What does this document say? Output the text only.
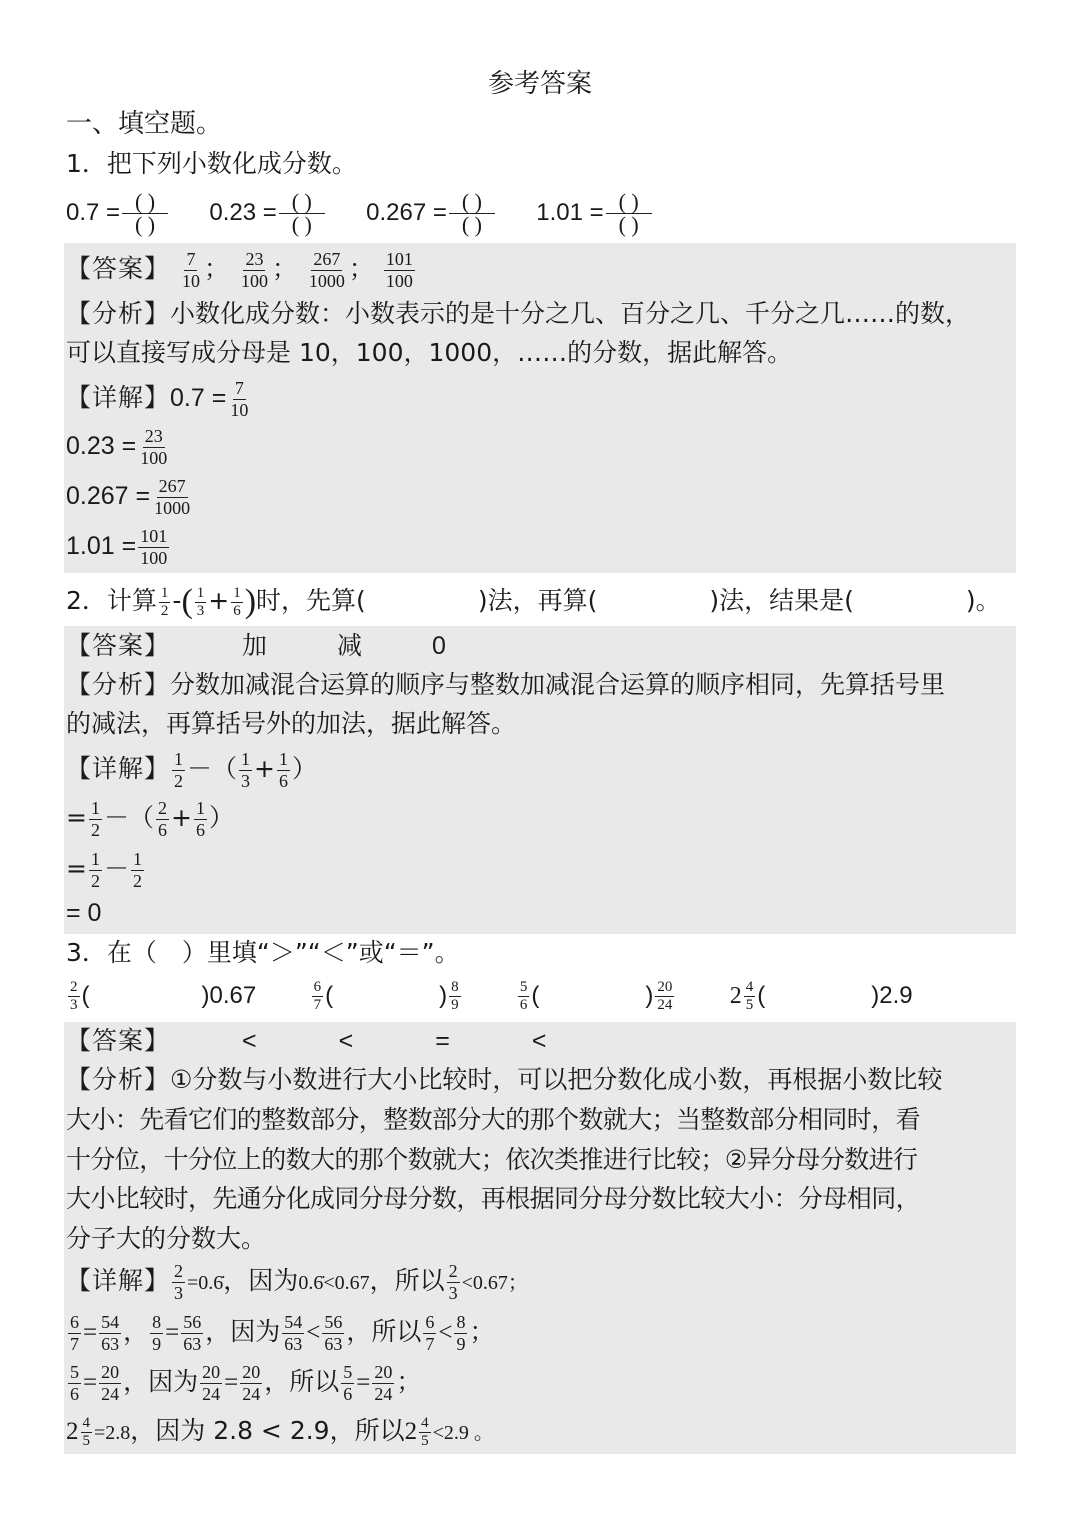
参考答案
一、填空题。
1．把下列小数化成分数。
$0.7 = \frac{( )}{( )} 0.23 = \frac{( )}{( )} 0.267 = \frac{( )}{( )} 1.01 = \frac{( )}{( )}$
【答案】 $\frac{7}{10}$ ； $\frac{23}{100}$ ； $\frac{267}{1000}$ ； $\frac{101}{100}$
【分析】小数化成分数：小数表示的是十分之几、百分之几、千分之几……的数，
可以直接写成分母是 10，100，1000，……的分数，据此解答。
【详解】$0.7 = \frac{7}{10}$
$0.23 = \frac{23}{100}$
$0.267 = \frac{267}{1000}$
$1.01 = \frac{101}{100}$
2．计算 $\frac{1}{2}$ -( $\frac{1}{3} + \frac{1}{6}$ )时，先算(	)法，再算(	)法，结果是(	)。
【答案】	加	减	0
【分析】分数加减混合运算的顺序与整数加减混合运算的顺序相同，先算括号里
的减法，再算括号外的加法，据此解答。
【详解】 $\frac{1}{2}$ －（ $\frac{1}{3} + \frac{1}{6}$ ）
= $\frac{1}{2}$ －（ $\frac{2}{6} + \frac{1}{6}$ ）
= $\frac{1}{2} - \frac{1}{2}$
= 0
3．在（　）里填“＞”“＜”或“＝”。
$\frac{2}{3}$ (	)0.67	$\frac{6}{7}$ (	) $\frac{8}{9}$
	$\frac{5}{6}$ (	) $\frac{20}{24} 2 \frac{4}{5}$ (	)2.9
【答案】	<	<	=	<
【分析】①分数与小数进行大小比较时，可以把分数化成小数，再根据小数比较
大小：先看它们的整数部分，整数部分大的那个数就大；当整数部分相同时，看
十分位，十分位上的数大的那个数就大；依次类推进行比较；②异分母分数进行
大小比较时，先通分化成同分母分数，再根据同分母分数比较大小：分母相同，
分子大的分数大。
【详解】 $\frac{2}{3}$ =0.6̇，因为0.6̇<0.67，所以 $\frac{2}{3} <0.67$；
$\frac{6}{7} = \frac{54}{63}$ ， $\frac{8}{9} = \frac{56}{63}$ ，因为 $\frac{54}{63} < \frac{56}{63}$ ，所以 $\frac{6}{7} < \frac{8}{9}$ ；
$\frac{5}{6} = \frac{20}{24}$ ，因为 $\frac{20}{24} = \frac{20}{24}$ ，所以 $\frac{5}{6} = \frac{20}{24}$ ；
$2 \frac{4}{5} =2.8$，因为 2.8 < 2.9，所以$2 \frac{4}{5} <2.9$ 。
